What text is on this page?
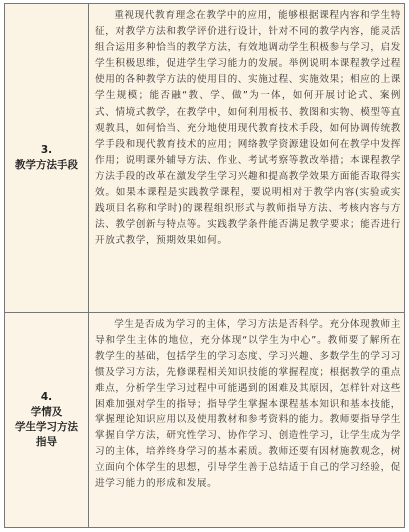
3.
教学方法手段
重视现代教育理念在教学中的应用，能够根据课程内容和学生特征，对教学方法和教学评价进行设计，针对不同的教学内容，能灵活组合运用多种恰当的教学方法，有效地调动学生积极参与学习，启发学生积极思维，促进学生学习能力的发展。举例说明本课程教学过程使用的各种教学方法的使用目的、实施过程、实施效果；相应的上课学生规模；能否融“教、学、做”为一体，如何开展讨论式、案例式、情境式教学，在教学中，如何利用板书、教图和实物、模型等直观教具，如何恰当、充分地使用现代教育技术手段，如何协调传统教学手段和现代教育技术的应用；网络教学资源建设如何在教学中发挥作用；说明课外辅导方法、作业、考试考察等教改举措；本课程教学方法手段的改革在激发学生学习兴趣和提高教学效果方面能否取得实效。如果本课程是实践教学课程，要说明相对于教学内容(实验或实践项目名称和学时)的课程组织形式与教师指导方法、考核内容与方法、教学创新与特点等。实践教学条件能否满足教学要求；能否进行开放式教学，预期效果如何。
4.
学情及
学生学习方法
指导
学生是否成为学习的主体，学习方法是否科学。充分体现教师主导和学生主体的地位，充分体现“以学生为中心”。教师要了解所在教学生的基础，包括学生的学习态度、学习兴趣、多数学生的学习习惯及学习方法，先修课程相关知识技能的掌握程度；根据教学的重点难点，分析学生学习过程中可能遇到的困难及其原因，怎样针对这些困难加强对学生的指导；指导学生掌握本课程基本知识和基本技能，掌握理论知识应用以及使用教材和参考资料的能力。教师要指导学生掌握自学方法，研究性学习、协作学习、创造性学习，让学生成为学习的主体，培养终身学习的基本素质。教师还要有因材施教观念，树立面向个体学生的思想，引导学生善于总结适于自己的学习经验，促进学习能力的形成和发展。
